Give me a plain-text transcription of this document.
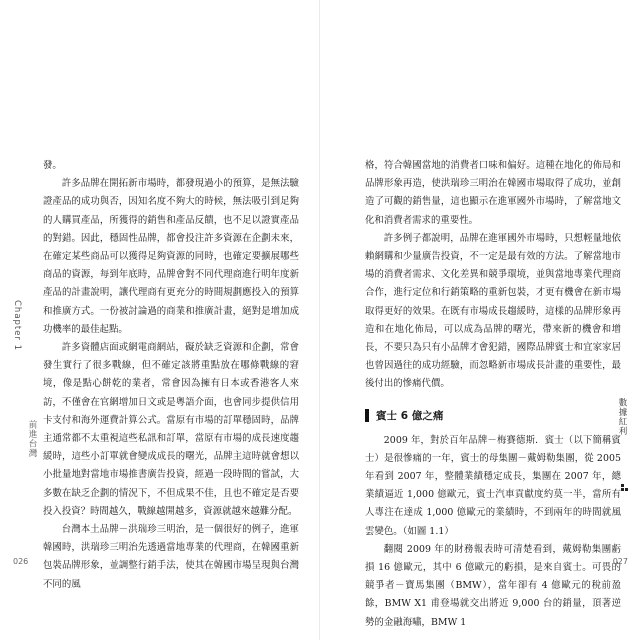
發。

許多品牌在開拓新市場時，都發現過小的預算，是無法驗證產品的成功與否，因知名度不夠大的時候，無法吸引到足夠的人購買產品，所獲得的銷售和產品反饋，也不足以證實產品的對錯。因此，穩固性品牌，都會投注許多資源在企劃未來，在確定某些商品可以獲得足夠資源的同時，也確定要擴展哪些商品的資源，每到年底時，品牌會對不同代理商進行明年度新產品的計畫說明，讓代理商有更充分的時間規劃應投入的預算和推廣方式。一份被討論過的商業和推廣計畫，絕對是增加成功機率的最佳起點。

許多資體店面或網電商網站，礙於缺乏資源和企劃，常會發生實行了很多戰線，但不確定該將重點放在哪條戰線的窘境，像是點心餅乾的業者，常會因為擁有日本或香港客人來訪，不僅會在官網增加日文或是粵語介面，也會同步提供信用卡支付和海外運費計算公式。當原有市場的訂單穩固時，品牌主通常都不太重視這些私訊和訂單，當原有市場的成長速度趨緩時，這些小訂單就會變成成長的曙光，品牌主這時就會想以小批量地對當地市場推書廣告投資，經過一段時間的嘗試，大多數在缺乏企劃的情況下，不但成果不佳，且也不確定是否要投入投資？時間越久，戰線越開越多，資源就越來越難分配。

台灣本土品牌－洪瑞珍三明治，是一個很好的例子，進軍韓國時，洪瑞珍三明治先透過當地專業的代理商，在韓國重新包裝品牌形象，並調整行銷手法，使其在韓國市場呈現與台灣不同的風

Chapter 1
前進台灣
026

格，符合韓國當地的消費者口味和偏好。這種在地化的佈局和品牌形象再造，使洪瑞珍三明治在韓國市場取得了成功，並創造了可觀的銷售量，這也顯示在進軍國外市場時，了解當地文化和消費者需求的重要性。

許多例子都說明，品牌在進軍國外市場時，只想輕量地依賴網購和少量廣告投資，不一定是最有效的方法。了解當地市場的消費者需求、文化差異和競爭環境，並與當地專業代理商合作，進行定位和行銷策略的重新包裝，才更有機會在新市場取得更好的效果。在既有市場成長趨緩時，這樣的品牌形象再造和在地化佈局，可以成為品牌的曙光，帶來新的機會和增長，不要只為只有小品牌才會犯錯，國際品牌賓士和宜家家居也曾因過往的成功經驗，而忽略新市場成長計畫的重要性，最後付出的慘痛代價。

賓士 6 億之痛

2009 年，對於百年品牌－梅賽德斯．賓士（以下簡稱賓士）是很慘痛的一年，賓士的母集團－戴姆勒集團，從 2005 年看到 2007 年，整體業績穩定成長，集團在 2007 年，總業績逼近 1,000 億歐元，賓士汽車貢獻度約莫一半，當所有人專注在達成 1,000 億歐元的業績時，不到兩年的時間就風雲變色。（如圖 1.1）

翻閱 2009 年的財務報表時可清楚看到，戴姆勒集團虧損 16 億歐元，其中 6 億歐元的虧損，是來自賓士。可畏的競爭者－寶馬集團（BMW），當年卻有 4 億歐元的稅前盈餘，BMW X1 甫登場就交出將近 9,000 台的銷量，頂著逆勢的金融海嘯，BMW 1

數據紅利
027
